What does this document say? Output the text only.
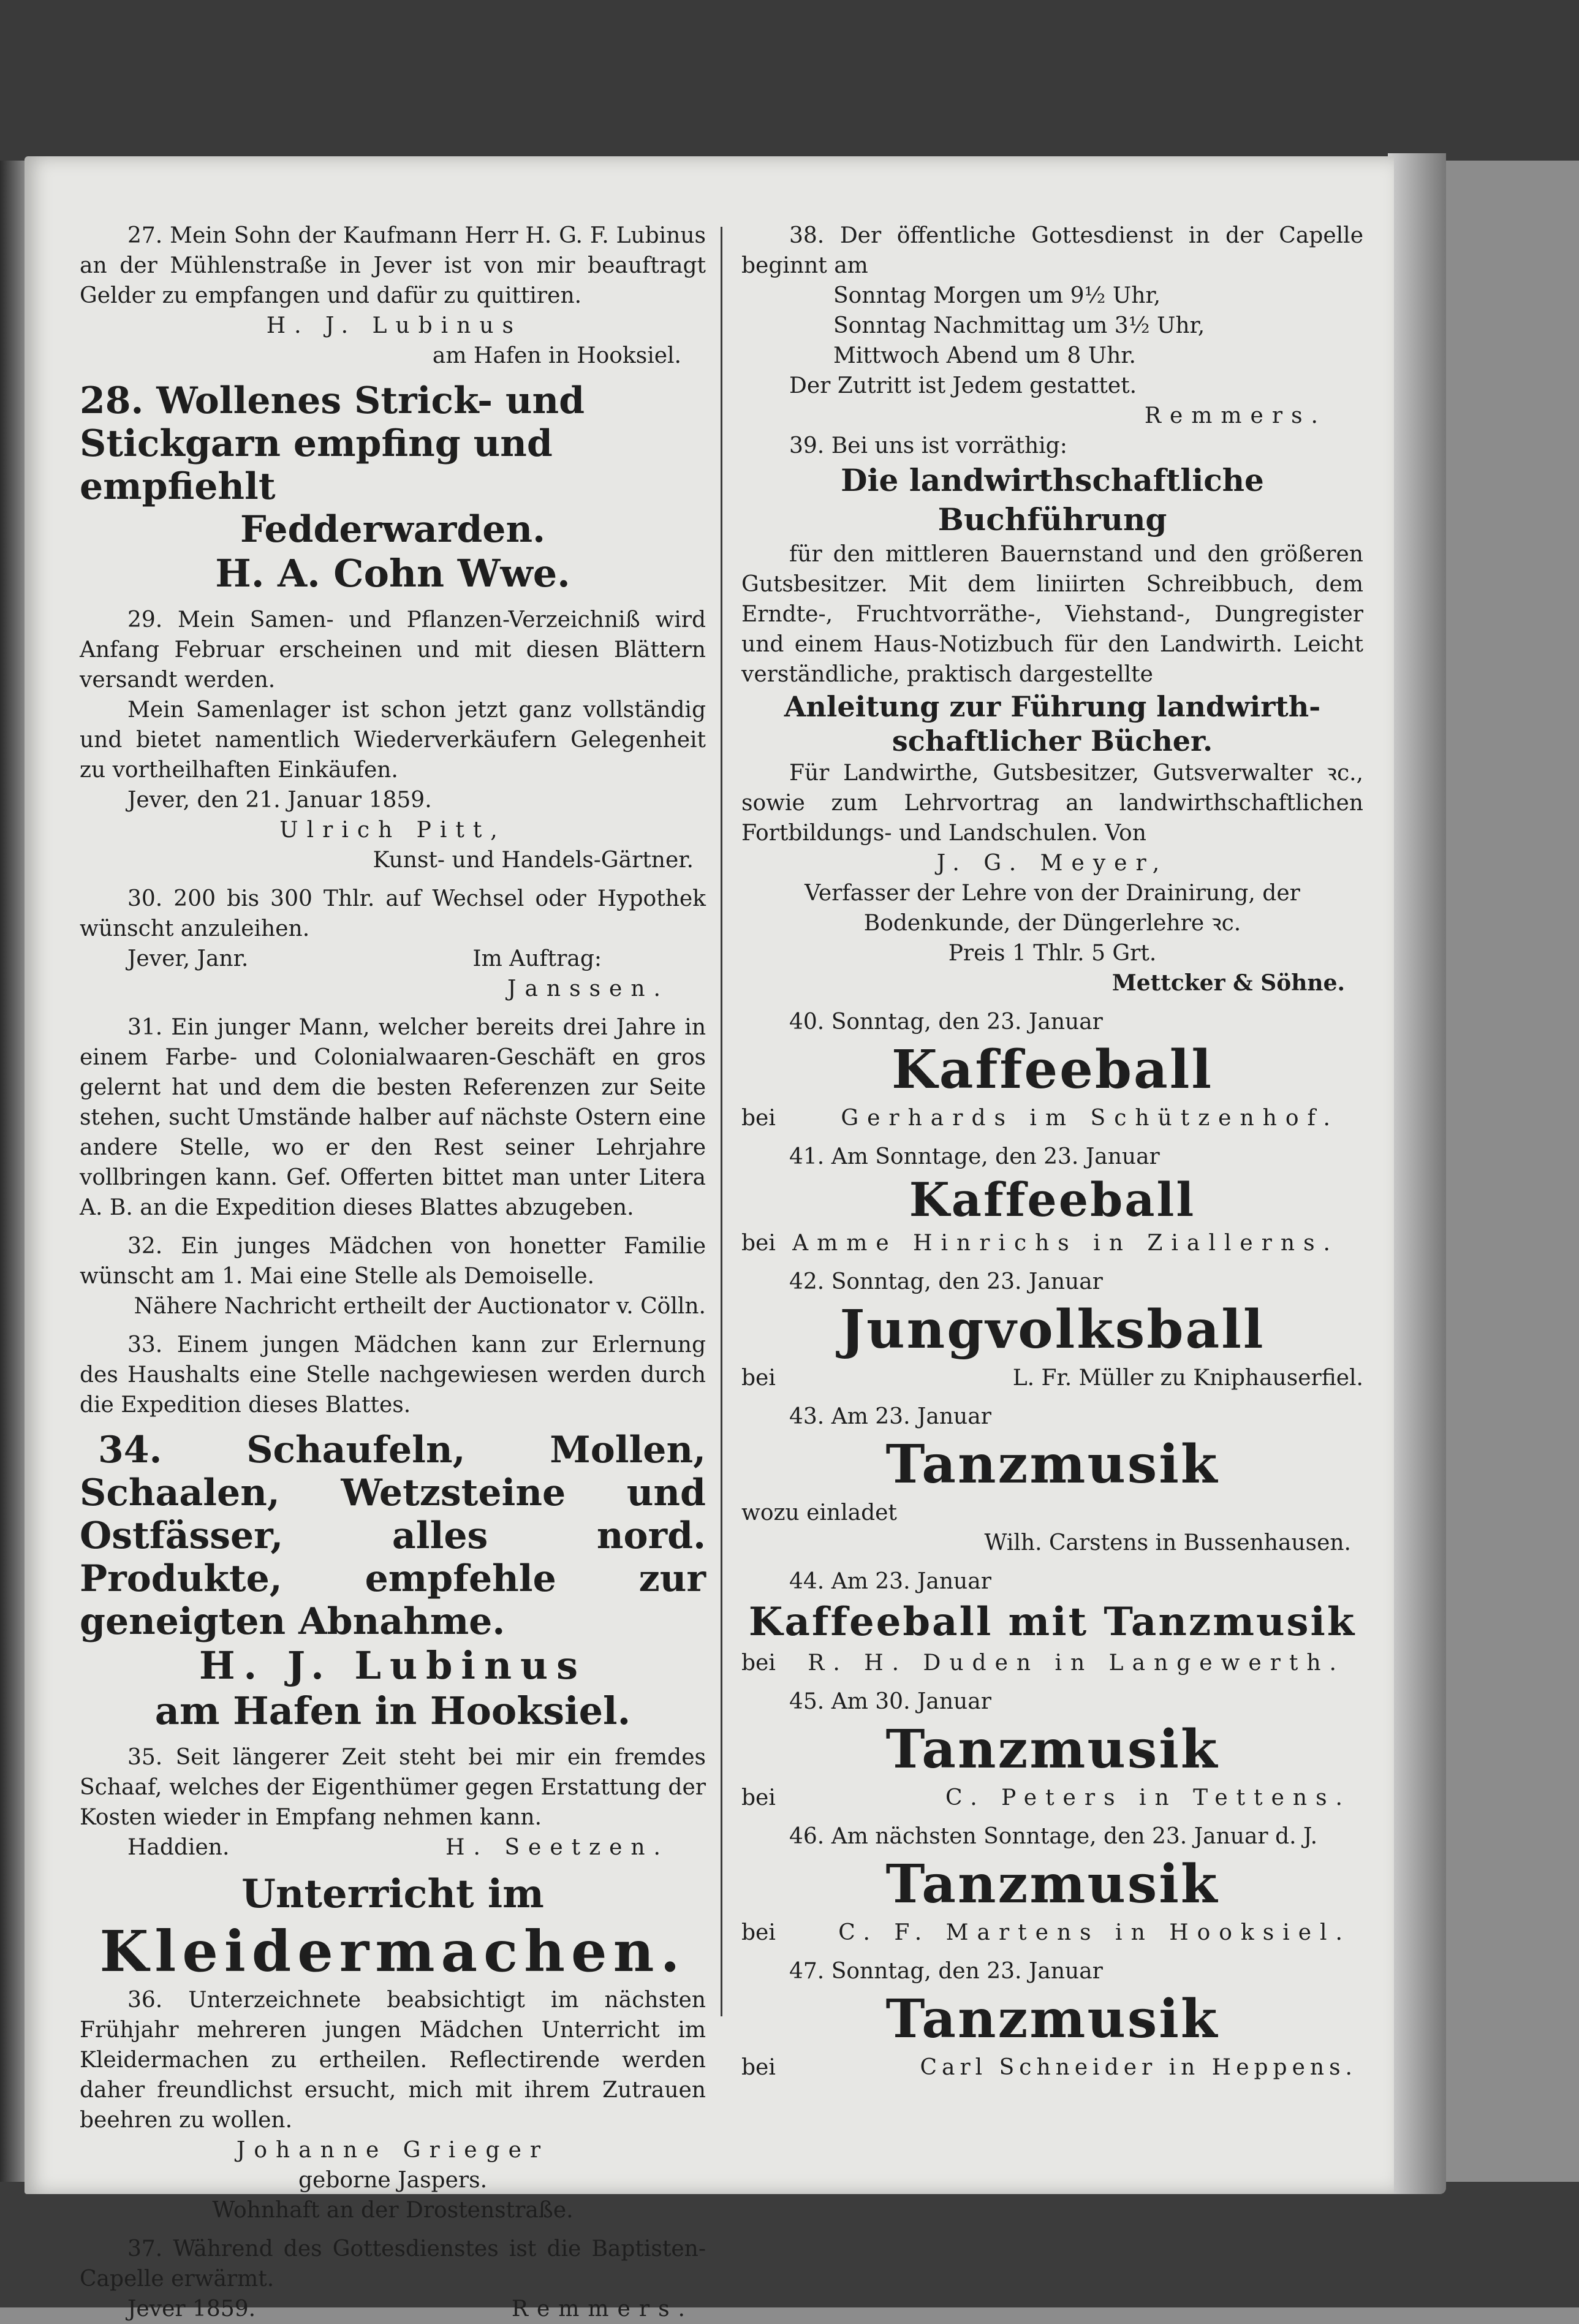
27. Mein Sohn der Kaufmann Herr H. G. F. Lubinus an der Mühlenstraße in Jever ist von mir beauftragt Gelder zu empfangen und dafür zu quittiren.

H. J. Lubinus

am Hafen in Hooksiel.

28. Wollenes Strick- und Stickgarn empfing und empfiehlt

Fedderwarden.

H. A. Cohn Wwe.

29. Mein Samen- und Pflanzen-Verzeichniß wird Anfang Februar erscheinen und mit diesen Blättern versandt werden.

Mein Samenlager ist schon jetzt ganz vollständig und bietet namentlich Wiederverkäufern Gelegenheit zu vortheilhaften Einkäufen.

Jever, den 21. Januar 1859.

Ulrich Pitt,

Kunst- und Handels-Gärtner.

30. 200 bis 300 Thlr. auf Wechsel oder Hypothek wünscht anzuleihen.

Jever, Janr.	Im Auftrag:

Janssen.

31. Ein junger Mann, welcher bereits drei Jahre in einem Farbe- und Colonialwaaren-Geschäft en gros gelernt hat und dem die besten Referenzen zur Seite stehen, sucht Umstände halber auf nächste Ostern eine andere Stelle, wo er den Rest seiner Lehrjahre vollbringen kann. Gef. Offerten bittet man unter Litera A. B. an die Expedition dieses Blattes abzugeben.

32. Ein junges Mädchen von honetter Familie wünscht am 1. Mai eine Stelle als Demoiselle.

Nähere Nachricht ertheilt der Auctionator v. Cölln.

33. Einem jungen Mädchen kann zur Erlernung des Haushalts eine Stelle nachgewiesen werden durch die Expedition dieses Blattes.

34. Schaufeln, Mollen, Schaalen, Wetzsteine und Ostfässer, alles nord. Produkte, empfehle zur geneigten Abnahme.

H. J. Lubinus

am Hafen in Hooksiel.

35. Seit längerer Zeit steht bei mir ein fremdes Schaaf, welches der Eigenthümer gegen Erstattung der Kosten wieder in Empfang nehmen kann.

Haddien.	H. Seetzen.

Unterricht im

Kleidermachen.

36. Unterzeichnete beabsichtigt im nächsten Frühjahr mehreren jungen Mädchen Unterricht im Kleidermachen zu ertheilen. Reflectirende werden daher freundlichst ersucht, mich mit ihrem Zutrauen beehren zu wollen.

Johanne Grieger

geborne Jaspers.

Wohnhaft an der Drostenstraße.

37. Während des Gottesdienstes ist die Baptisten-Capelle erwärmt.

Jever 1859.	Remmers.

38. Der öffentliche Gottesdienst in der Capelle beginnt am

Sonntag Morgen um 9½ Uhr,

Sonntag Nachmittag um 3½ Uhr,

Mittwoch Abend um 8 Uhr.

Der Zutritt ist Jedem gestattet.

Remmers.

39. Bei uns ist vorräthig:

Die landwirthschaftliche Buchführung

für den mittleren Bauernstand und den größeren Gutsbesitzer. Mit dem liniirten Schreibbuch, dem Erndte-, Fruchtvorräthe-, Viehstand-, Dungregister und einem Haus-Notizbuch für den Landwirth. Leicht verständliche, praktisch dargestellte

Anleitung zur Führung landwirth-

schaftlicher Bücher.

Für Landwirthe, Gutsbesitzer, Gutsverwalter ꝛc., sowie zum Lehrvortrag an landwirthschaftlichen Fortbildungs- und Landschulen. Von

J. G. Meyer,

Verfasser der Lehre von der Drainirung, der Bodenkunde, der Düngerlehre ꝛc.

Preis 1 Thlr. 5 Grt.

Mettcker & Söhne.

40. Sonntag, den 23. Januar

Kaffeeball

bei	Gerhards im Schützenhof.

41. Am Sonntage, den 23. Januar

Kaffeeball

bei Amme Hinrichs in Ziallerns.

42. Sonntag, den 23. Januar

Jungvolksball

bei	L. Fr. Müller zu Kniphauserfiel.

43. Am 23. Januar

Tanzmusik

wozu einladet

Wilh. Carstens in Bussenhausen.

44. Am 23. Januar

Kaffeeball mit Tanzmusik

bei R. H. Duden in Langewerth.

45. Am 30. Januar

Tanzmusik

bei	C. Peters in Tettens.

46. Am nächsten Sonntage, den 23. Januar d. J.

Tanzmusik

bei	C. F. Martens in Hooksiel.

47. Sonntag, den 23. Januar

Tanzmusik

bei	Carl Schneider in Heppens.
